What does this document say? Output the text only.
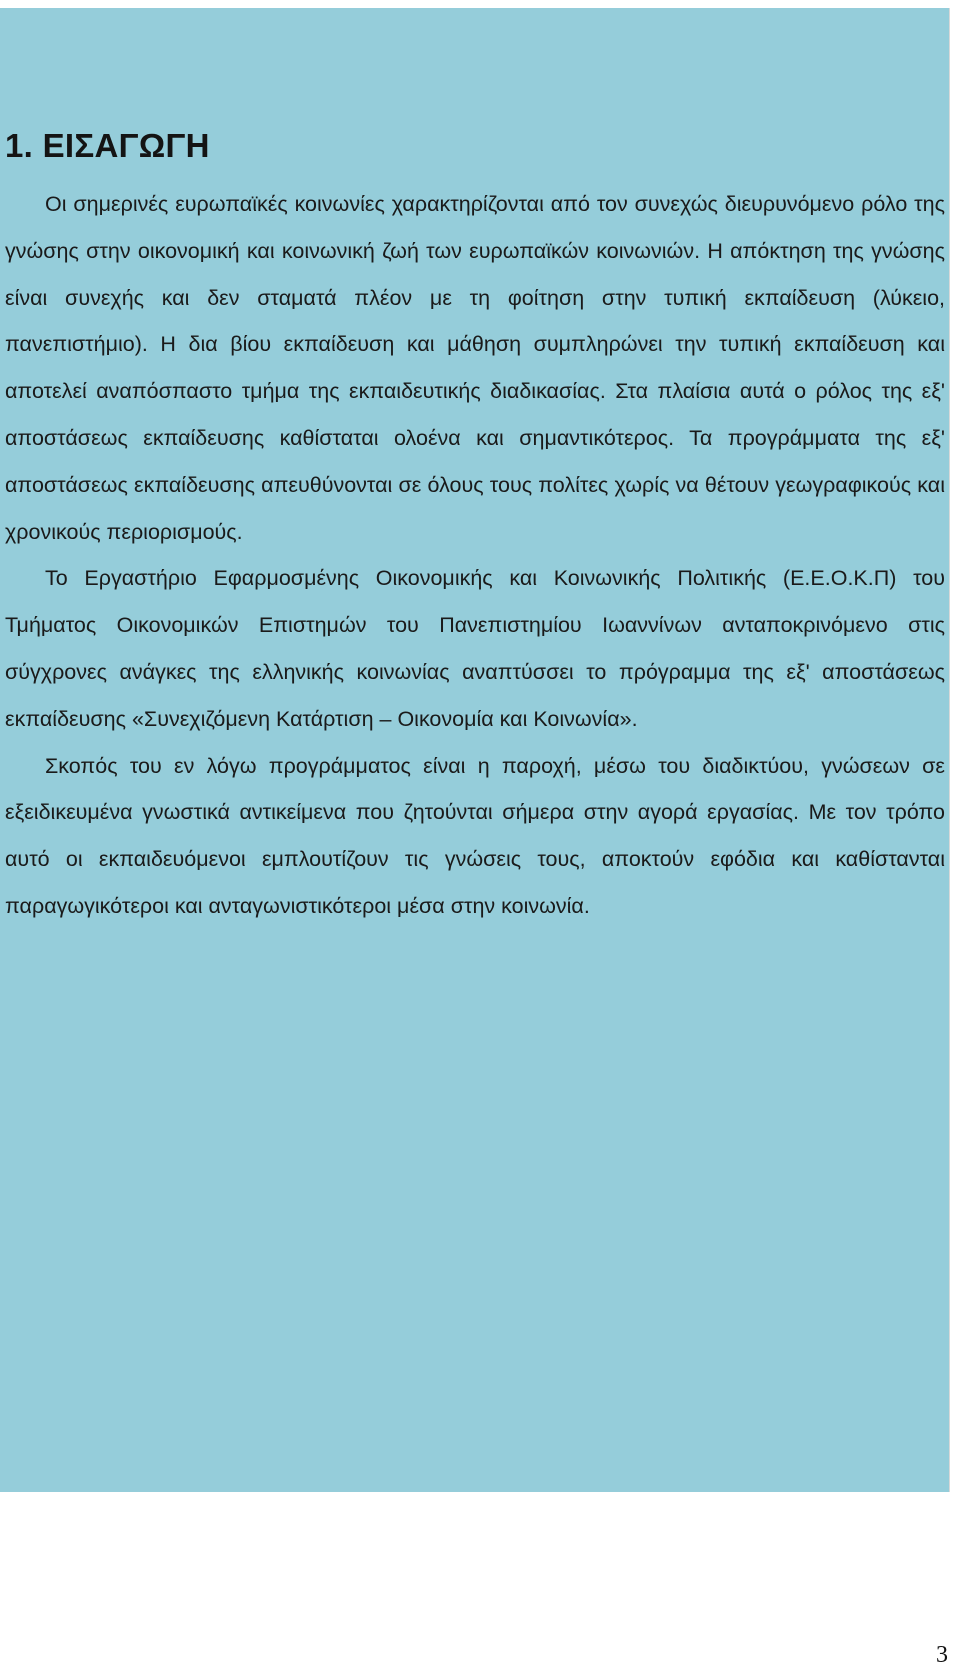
1. ΕΙΣΑΓΩΓΗ

Οι σημερινές ευρωπαϊκές κοινωνίες χαρακτηρίζονται από τον συνεχώς διευρυνόμενο ρόλο της γνώσης στην οικονομική και κοινωνική ζωή των ευρωπαϊκών κοινωνιών. Η απόκτηση της γνώσης είναι συνεχής και δεν σταματά πλέον με τη φοίτηση στην τυπική εκπαίδευση (λύκειο, πανεπιστήμιο). Η δια βίου εκπαίδευση και μάθηση συμπληρώνει την τυπική εκπαίδευση και αποτελεί αναπόσπαστο τμήμα της εκπαιδευτικής διαδικασίας. Στα πλαίσια αυτά ο ρόλος της εξ' αποστάσεως εκπαίδευσης καθίσταται ολοένα και σημαντικότερος. Τα προγράμματα της εξ' αποστάσεως εκπαίδευσης απευθύνονται σε όλους τους πολίτες χωρίς να θέτουν γεωγραφικούς και χρονικούς περιορισμούς.

Το Εργαστήριο Εφαρμοσμένης Οικονομικής και Κοινωνικής Πολιτικής (Ε.Ε.Ο.Κ.Π) του Τμήματος Οικονομικών Επιστημών του Πανεπιστημίου Ιωαννίνων ανταποκρινόμενο στις σύγχρονες ανάγκες της ελληνικής κοινωνίας αναπτύσσει το πρόγραμμα της εξ' αποστάσεως εκπαίδευσης «Συνεχιζόμενη Κατάρτιση – Οικονομία και Κοινωνία».

Σκοπός του εν λόγω προγράμματος είναι η παροχή, μέσω του διαδικτύου, γνώσεων σε εξειδικευμένα γνωστικά αντικείμενα που ζητούνται σήμερα στην αγορά εργασίας. Με τον τρόπο αυτό οι εκπαιδευόμενοι εμπλουτίζουν τις γνώσεις τους, αποκτούν εφόδια και καθίστανται παραγωγικότεροι και ανταγωνιστικότεροι μέσα στην κοινωνία.

3
